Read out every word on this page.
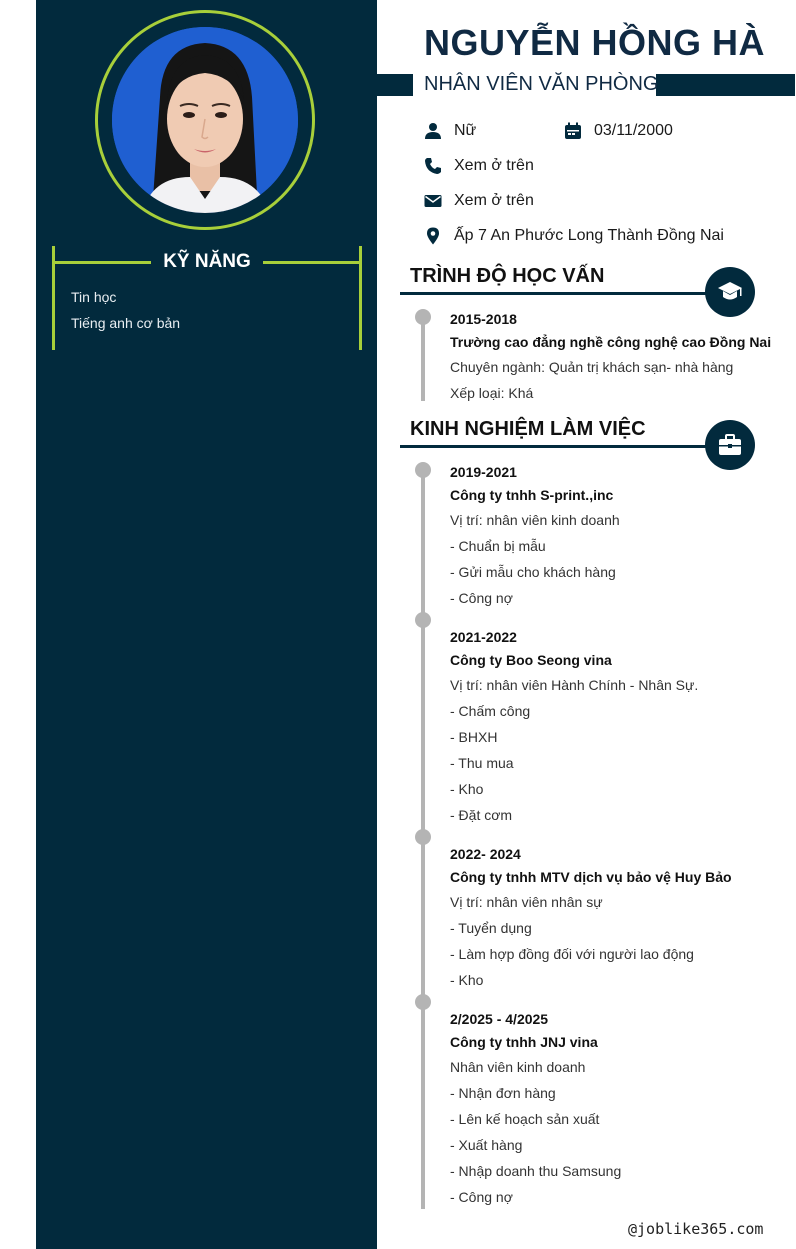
KỸ NĂNG
Tin học
Tiếng anh cơ bản
NGUYỄN HỒNG HÀ
NHÂN VIÊN VĂN PHÒNG
Nữ	03/11/2000
Xem ở trên
Xem ở trên
Ấp 7 An Phước Long Thành Đồng Nai
TRÌNH ĐỘ HỌC VẤN
2015-2018
Trường cao đẳng nghề công nghệ cao Đồng Nai
Chuyên ngành: Quản trị khách sạn- nhà hàng
Xếp loại: Khá
KINH NGHIỆM LÀM VIỆC
2019-2021
Công ty tnhh S-print.,inc
Vị trí: nhân viên kinh doanh
- Chuẩn bị mẫu
- Gửi mẫu cho khách hàng
- Công nợ
2021-2022
Công ty Boo Seong vina
Vị trí: nhân viên Hành Chính - Nhân Sự.
- Chấm công
- BHXH
- Thu mua
- Kho
- Đặt cơm
2022- 2024
Công ty tnhh MTV dịch vụ bảo vệ Huy Bảo
Vị trí: nhân viên nhân sự
- Tuyển dụng
- Làm hợp đồng đối với người lao động
- Kho
2/2025 - 4/2025
Công ty tnhh JNJ vina
Nhân viên kinh doanh
- Nhận đơn hàng
- Lên kế hoạch sản xuất
- Xuất hàng
- Nhập doanh thu Samsung
- Công nợ
@joblike365.com
